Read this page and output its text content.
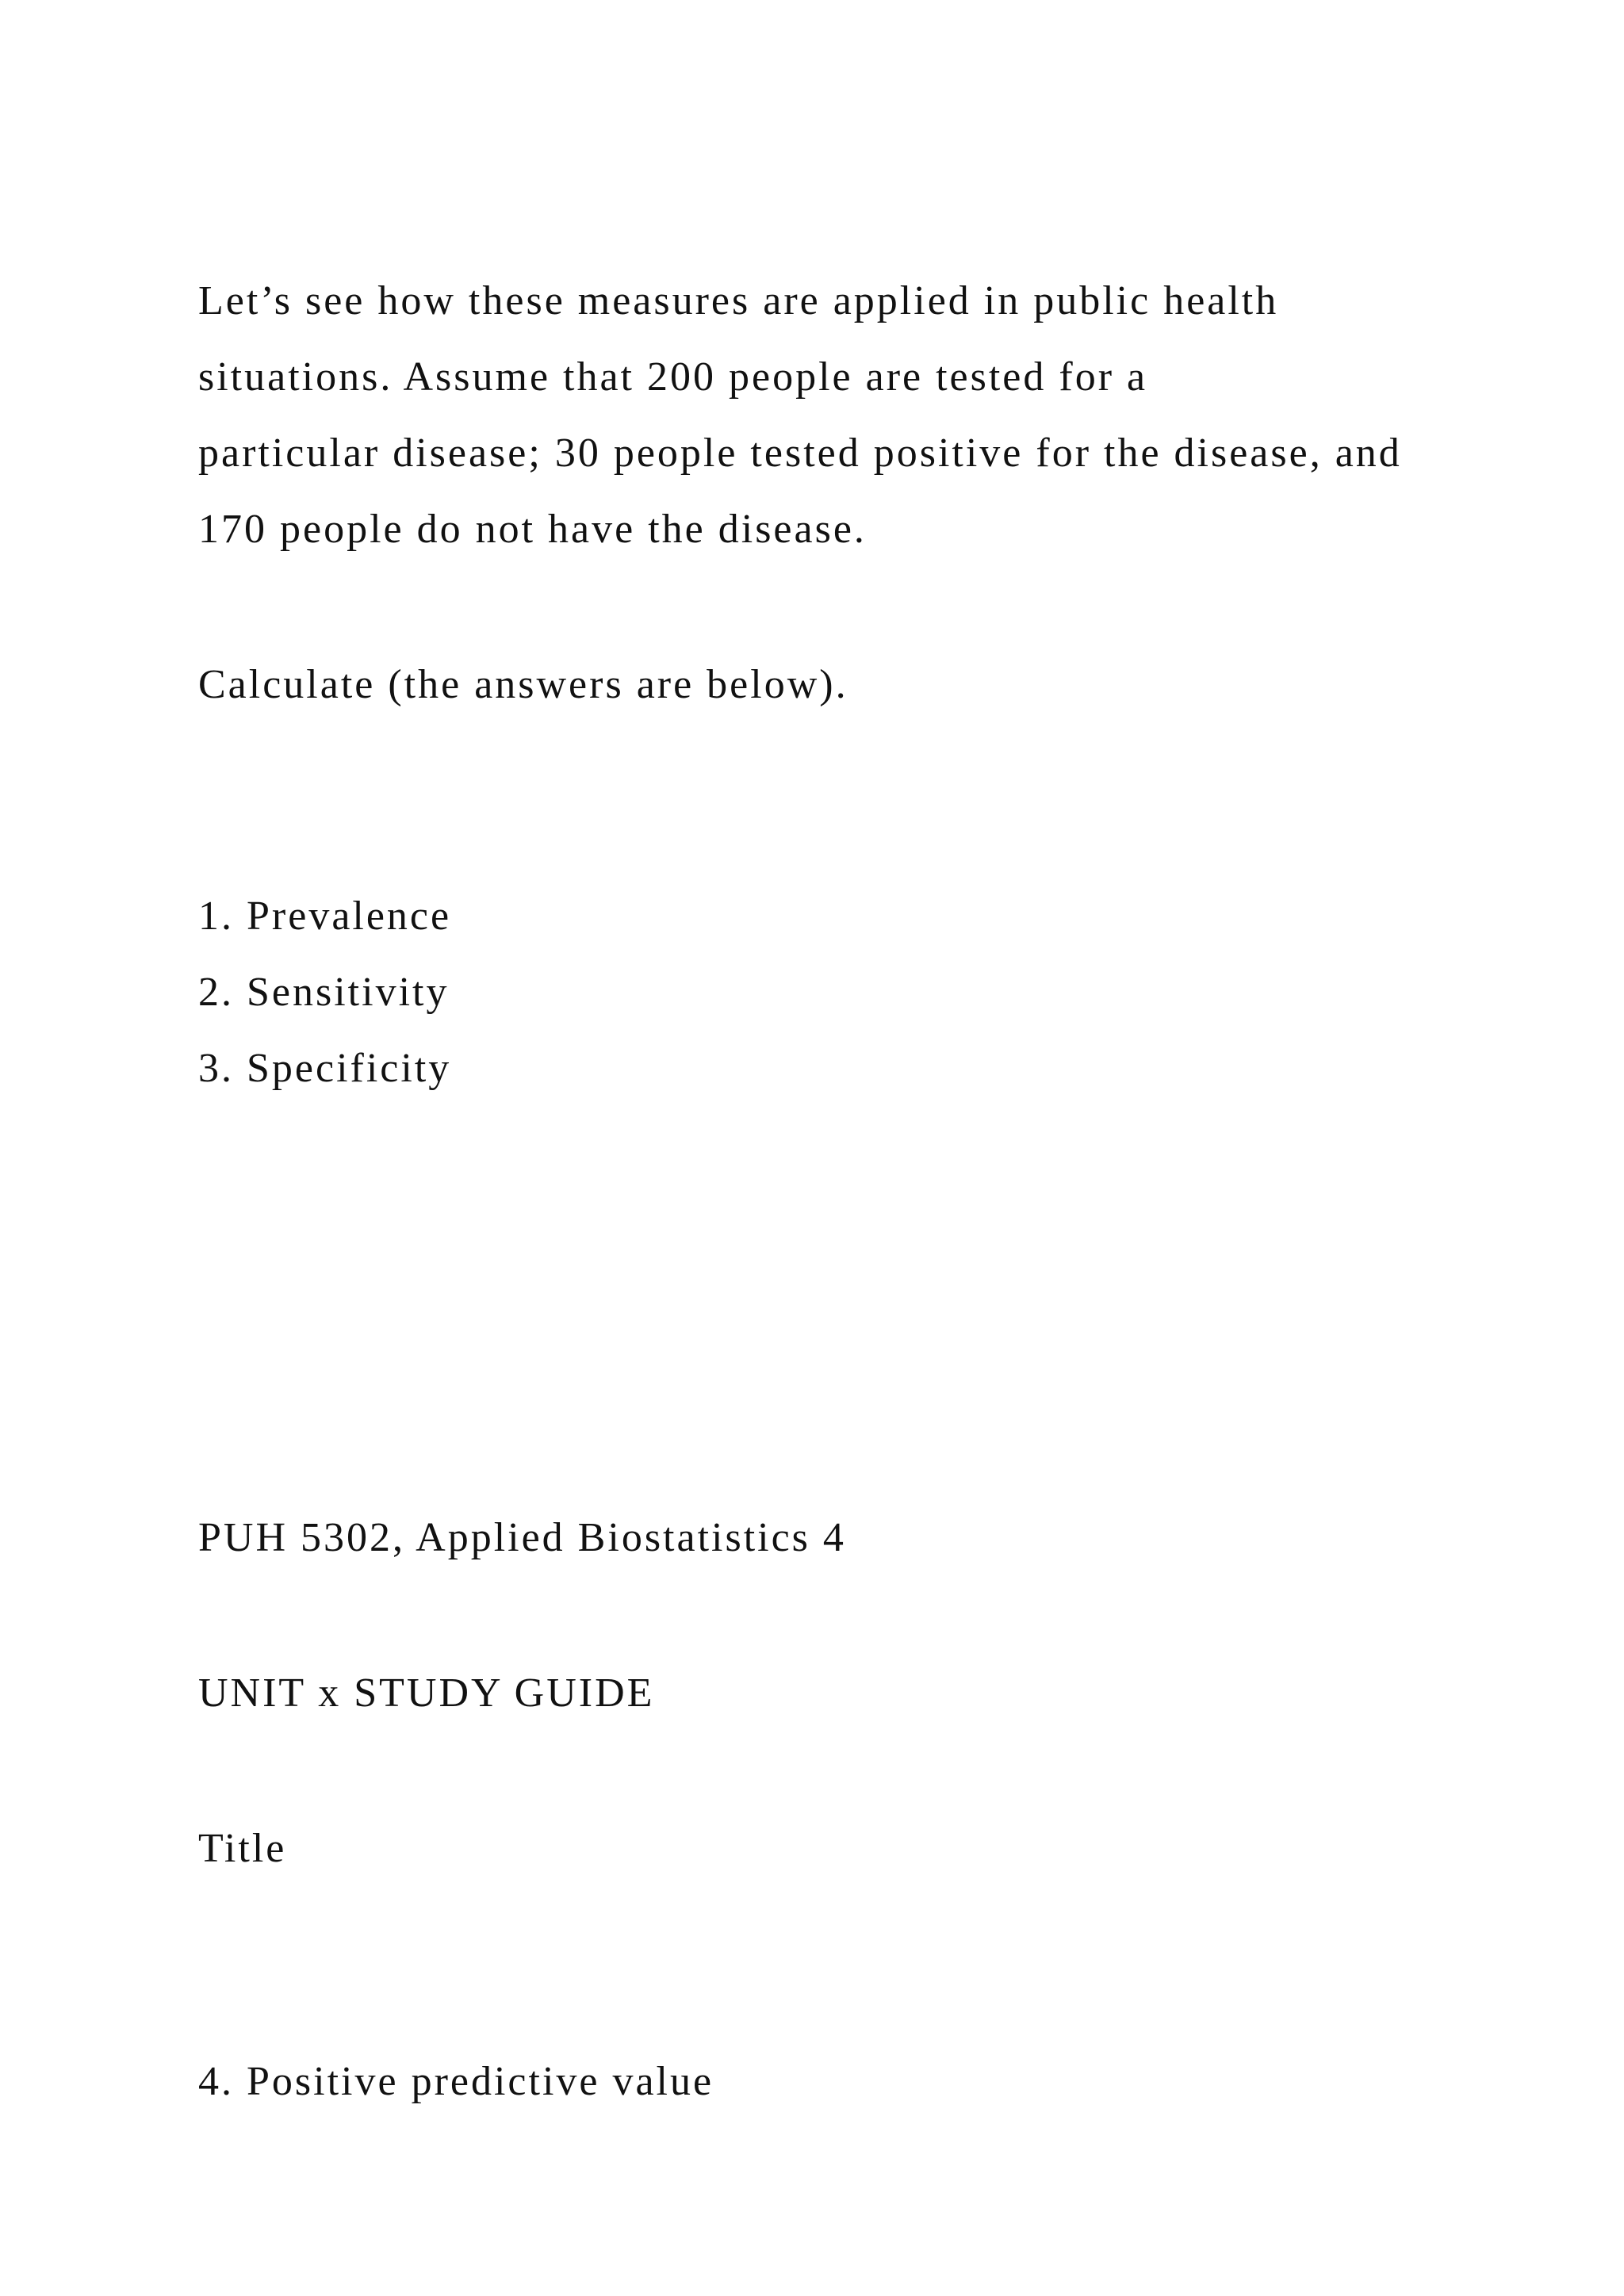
Let’s see how these measures are applied in public health

situations. Assume that 200 people are tested for a

particular disease; 30 people tested positive for the disease, and

170 people do not have the disease.

Calculate (the answers are below).

1. Prevalence

2. Sensitivity

3. Specificity

PUH 5302, Applied Biostatistics 4

UNIT x STUDY GUIDE

Title

4. Positive predictive value
